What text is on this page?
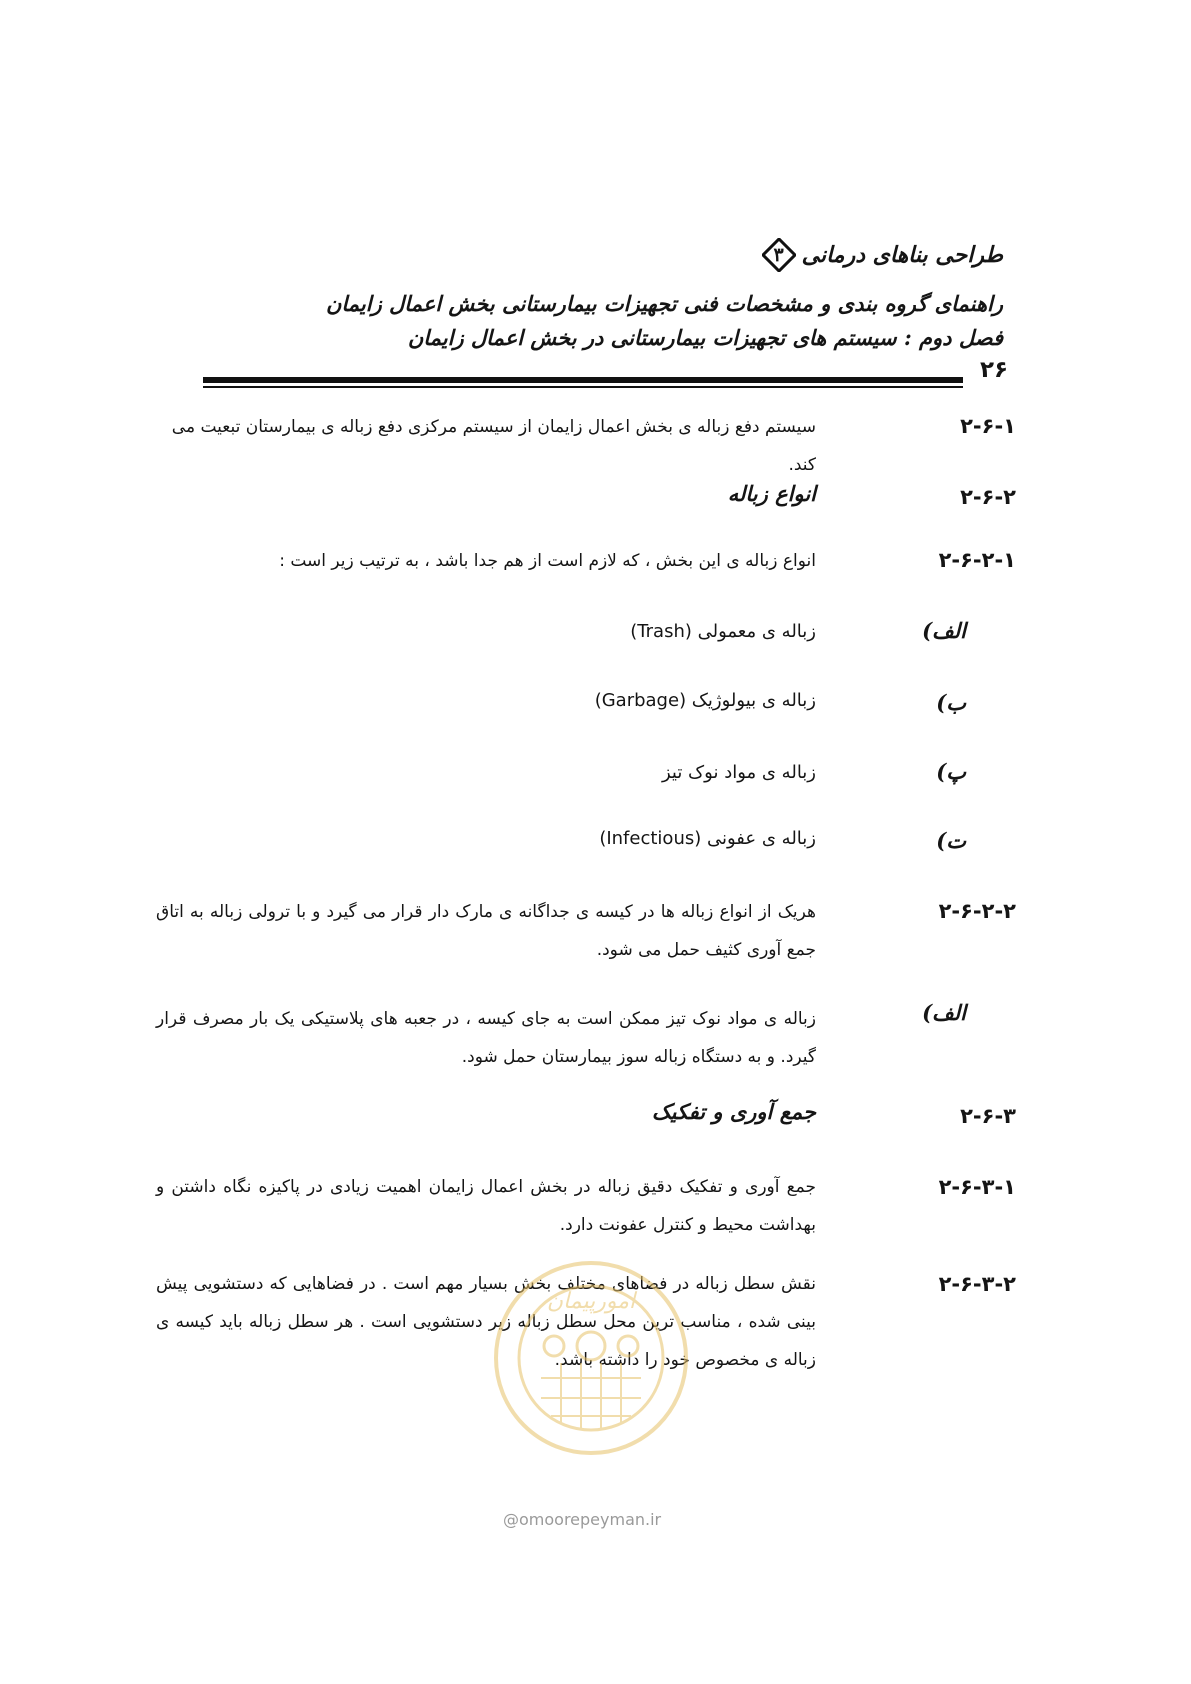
طراحی بناهای درمانی
۳
راهنمای گروه بندی و مشخصات فنی تجهیزات بیمارستانی بخش اعمال زایمان
فصل دوم : سیستم های تجهیزات بیمارستانی در بخش اعمال زایمان
۲۶
۲-۶-۱
سیستم دفع زباله ی بخش اعمال زایمان از سیستم مرکزی دفع زباله ی بیمارستان تبعیت می کند.
۲-۶-۲
انواع زباله
۲-۶-۲-۱
انواع زباله ی این بخش ، که لازم است از هم جدا باشد ، به ترتیب زیر است :
الف)
زباله ی معمولی (Trash)
ب)
زباله ی بیولوژیک (Garbage)
پ)
زباله ی مواد نوک تیز
ت)
زباله ی عفونی (Infectious)
۲-۶-۲-۲
هریک از انواع زباله ها در کیسه ی جداگانه ی مارک دار قرار می گیرد و با ترولی زباله به اتاق جمع آوری کثیف حمل می شود.
الف)
زباله ی مواد نوک تیز ممکن است به جای کیسه ، در جعبه های پلاستیکی یک بار مصرف قرار گیرد. و به دستگاه زباله سوز بیمارستان حمل شود.
۲-۶-۳
جمع آوری و تفکیک
۲-۶-۳-۱
جمع آوری و تفکیک دقیق زباله در بخش اعمال زایمان اهمیت زیادی در پاکیزه نگاه داشتن و بهداشت محیط و کنترل عفونت دارد.
۲-۶-۳-۲
نقش سطل زباله در فضاهای مختلف بخش بسیار مهم است . در فضاهایی که دستشویی پیش بینی شده ، مناسب ترین محل سطل زباله زیر دستشویی است . هر سطل زباله باید کیسه ی زباله ی مخصوص خود را داشته باشد.
امورپیمان
@omoorepeyman.ir
